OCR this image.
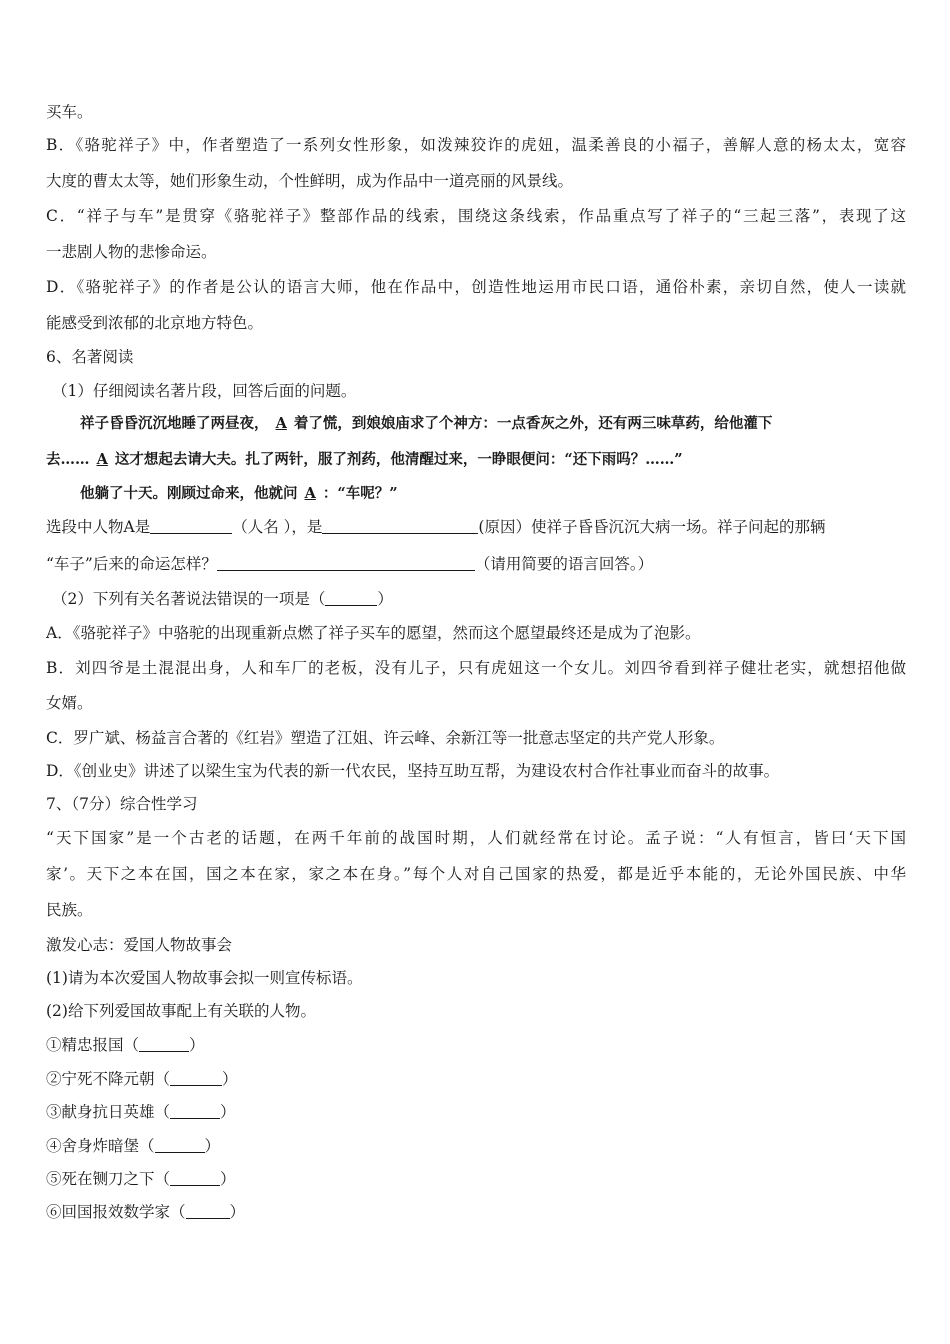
买车。
B．《骆驼祥子》中，作者塑造了一系列女性形象，如泼辣狡诈的虎妞，温柔善良的小福子，善解人意的杨太太，宽容
大度的曹太太等，她们形象生动，个性鲜明，成为作品中一道亮丽的风景线。
C．“祥子与车”是贯穿《骆驼祥子》整部作品的线索，围绕这条线索，作品重点写了祥子的“三起三落”，表现了这
一悲剧人物的悲惨命运。
D．《骆驼祥子》的作者是公认的语言大师，他在作品中，创造性地运用市民口语，通俗朴素，亲切自然，使人一读就
能感受到浓郁的北京地方特色。
6、名著阅读
（1）仔细阅读名著片段，回答后面的问题。
祥子昏昏沉沉地睡了两昼夜， A 着了慌，到娘娘庙求了个神方：一点香灰之外，还有两三味草药，给他灌下
去…… A 这才想起去请大夫。扎了两针，服了剂药，他清醒过来，一睁眼便问：“还下雨吗？……”
他躺了十天。刚顾过命来，他就问 A ：“车呢？”
选段中人物A是	（人名 ），是	(原因）使祥子昏昏沉沉大病一场。祥子问起的那辆
“车子”后来的命运怎样？	（请用简要的语言回答。）
（2）下列有关名著说法错误的一项是（	）
A．《骆驼祥子》中骆驼的出现重新点燃了祥子买车的愿望，然而这个愿望最终还是成为了泡影。
B．刘四爷是土混混出身，人和车厂的老板，没有儿子，只有虎妞这一个女儿。刘四爷看到祥子健壮老实，就想招他做
女婿。
C．罗广斌、杨益言合著的《红岩》塑造了江姐、许云峰、余新江等一批意志坚定的共产党人形象。
D．《创业史》讲述了以梁生宝为代表的新一代农民，坚持互助互帮，为建设农村合作社事业而奋斗的故事。
7、（7分）综合性学习
“天下国家”是一个古老的话题，在两千年前的战国时期，人们就经常在讨论。孟子说：“人有恒言，皆曰‘天下国
家’。天下之本在国，国之本在家，家之本在身。”每个人对自己国家的热爱，都是近乎本能的，无论外国民族、中华
民族。
激发心志：爱国人物故事会
(1)请为本次爱国人物故事会拟一则宣传标语。
(2)给下列爱国故事配上有关联的人物。
①精忠报国（	）
②宁死不降元朝（	）
③献身抗日英雄（	）
④舍身炸暗堡（	）
⑤死在铡刀之下（	）
⑥回国报效数学家（	）
